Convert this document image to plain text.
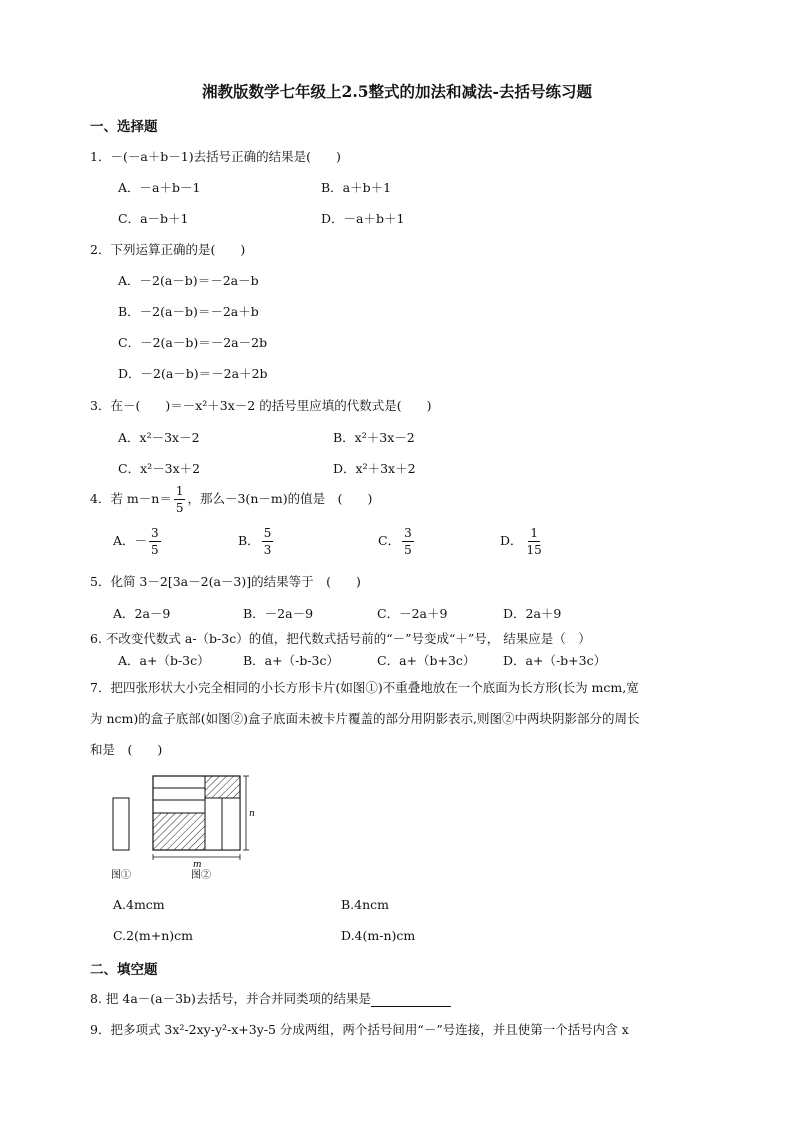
湘教版数学七年级上2.5整式的加法和减法-去括号练习题
一、选择题
1．－(－a＋b－1)去括号正确的结果是(　　)
A．－a＋b－1	B．a＋b＋1
C．a－b＋1	D．－a＋b＋1
2．下列运算正确的是(　　)
A．－2(a－b)＝－2a－b
B．－2(a－b)＝－2a＋b
C．－2(a－b)＝－2a－2b
D．－2(a－b)＝－2a＋2b
3．在－(　　)＝－x²＋3x－2 的括号里应填的代数式是(　　)
A．x²－3x－2	B．x²＋3x－2
C．x²－3x＋2	D．x²＋3x＋2
4．若 $m-n= \frac{1}{5}$ ，那么－3(n－m)的值是　(　　)
A．－ $\frac{3}{5}$	B． $\frac{5}{3}$	C． $\frac{3}{5}$	D． $\frac{1}{15}$
5．化简 3－2[3a－2(a－3)]的结果等于　(　　)
A．2a－9	B．－2a－9	C．－2a＋9	D．2a＋9
6. 不改变代数式 a-（b-3c）的值，把代数式括号前的“－”号变成“＋”号， 结果应是（　）
A．a+（b-3c）	B．a+（-b-3c）	C．a+（b+3c） D．a+（-b+3c）
7．把四张形状大小完全相同的小长方形卡片(如图①)不重叠地放在一个底面为长方形(长为 mcm,宽
为 ncm)的盒子底部(如图②)盒子底面未被卡片覆盖的部分用阴影表示,则图②中两块阴影部分的周长
和是　(　　)
n
m
图①	图②
A.4mcm	B.4ncm
C.2(m+n)cm	D.4(m-n)cm
二、填空题
8. 把 4a－(a－3b)去括号，并合并同类项的结果是
9．把多项式 3x²-2xy-y²-x+3y-5 分成两组，两个括号间用“－”号连接，并且使第一个括号内含 x
